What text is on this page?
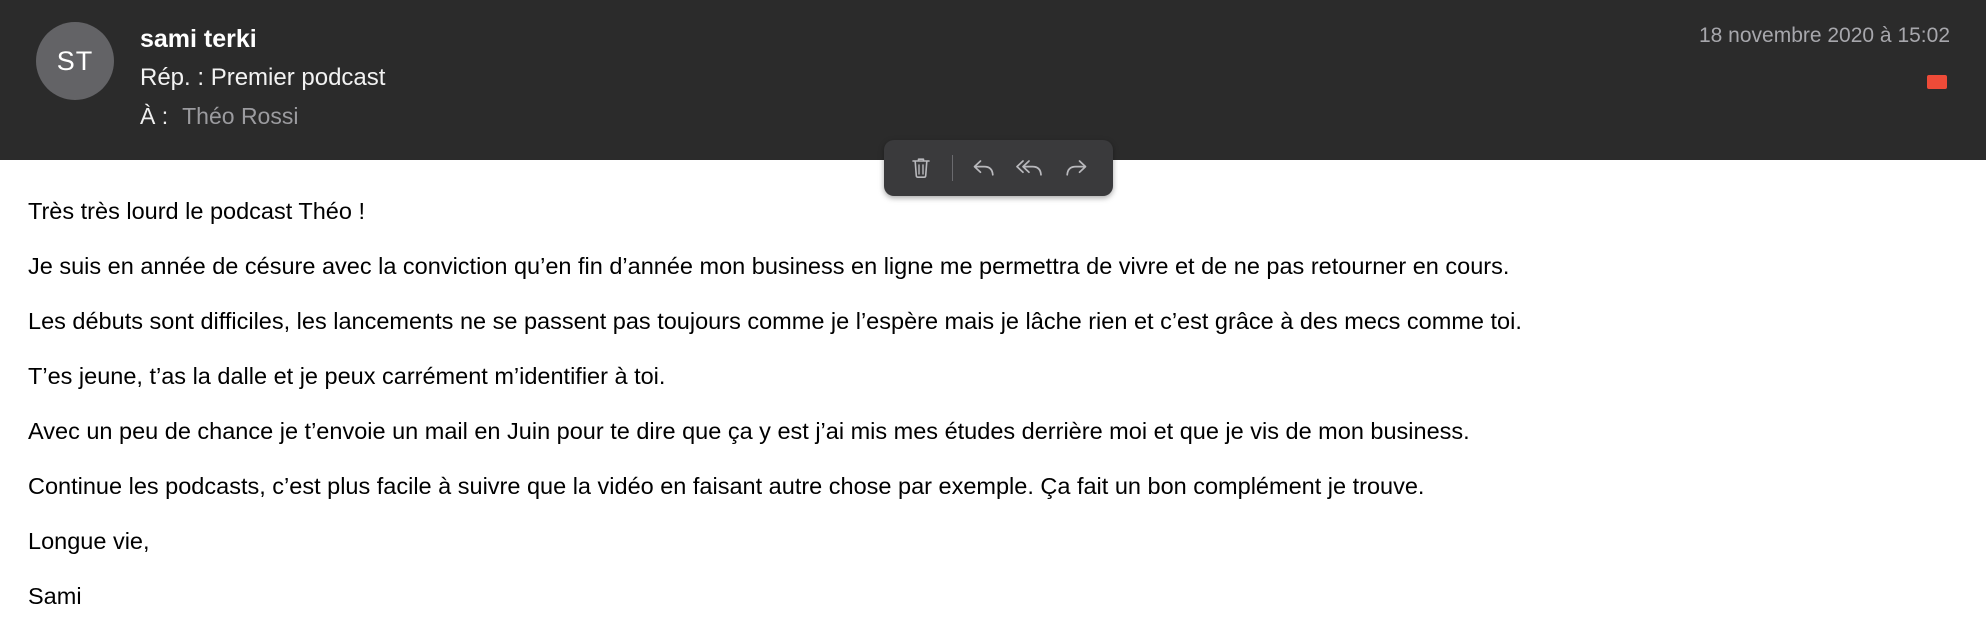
ST
sami terki
Rép. : Premier podcast
À : Théo Rossi
18 novembre 2020 à 15:02

Très très lourd le podcast Théo !

Je suis en année de césure avec la conviction qu’en fin d’année mon business en ligne me permettra de vivre et de ne pas retourner en cours.

Les débuts sont difficiles, les lancements ne se passent pas toujours comme je l’espère mais je lâche rien et c’est grâce à des mecs comme toi.

T’es jeune, t’as la dalle et je peux carrément m’identifier à toi.

Avec un peu de chance je t’envoie un mail en Juin pour te dire que ça y est j’ai mis mes études derrière moi et que je vis de mon business.

Continue les podcasts, c’est plus facile à suivre que la vidéo en faisant autre chose par exemple. Ça fait un bon complément je trouve.

Longue vie,

Sami
